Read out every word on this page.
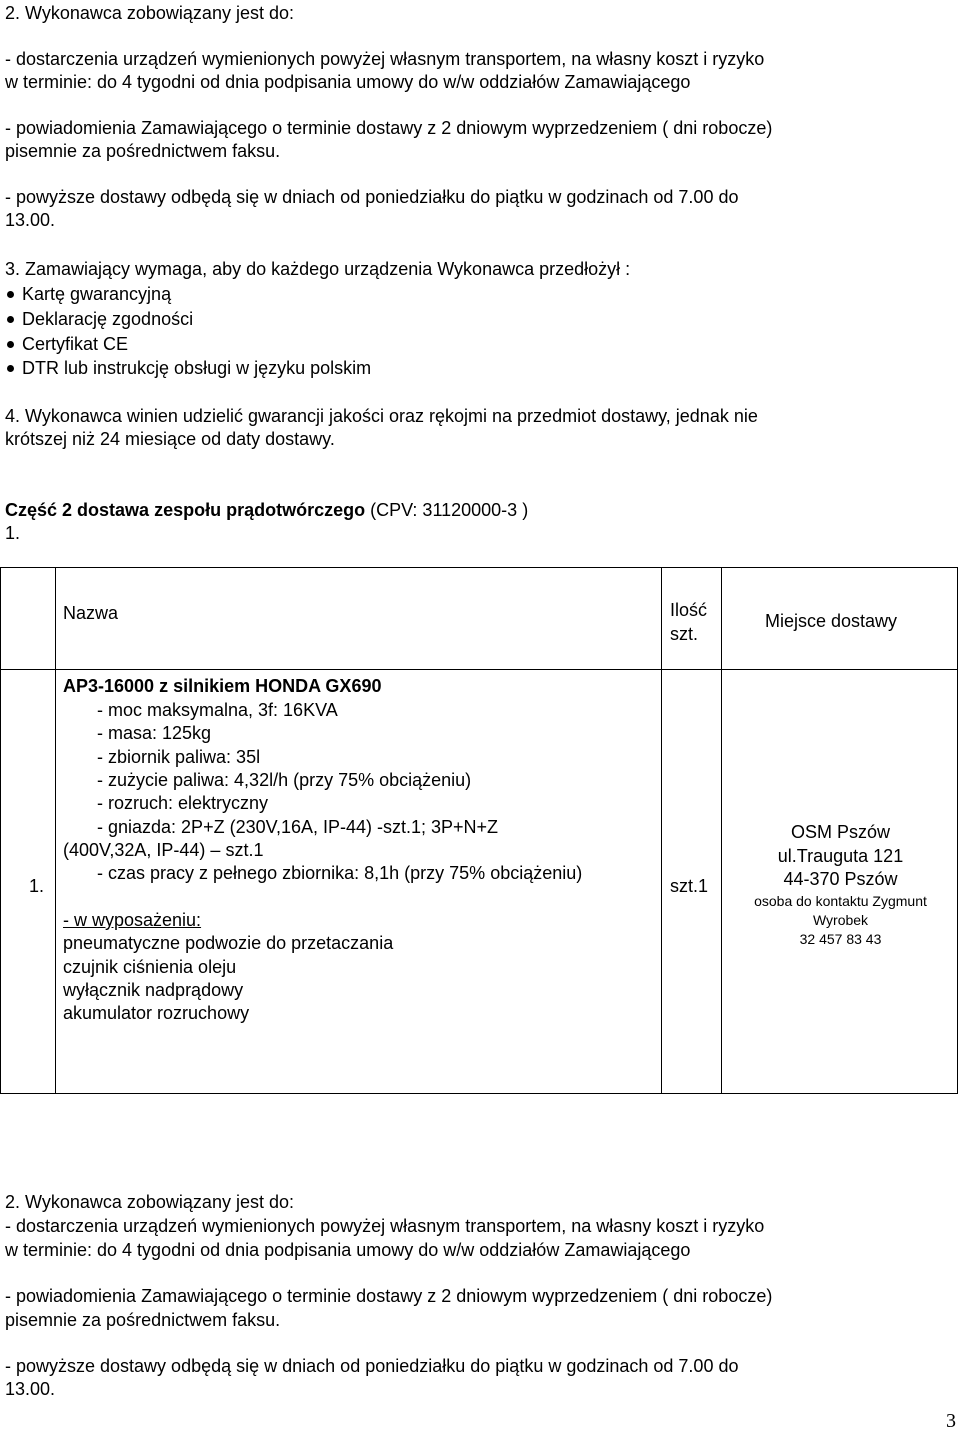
2. Wykonawca zobowiązany jest do:
- dostarczenia urządzeń wymienionych powyżej własnym transportem, na własny koszt i ryzyko
w terminie: do 4 tygodni od dnia podpisania umowy do w/w oddziałów Zamawiającego
- powiadomienia Zamawiającego o terminie dostawy z 2 dniowym wyprzedzeniem ( dni robocze)
pisemnie za pośrednictwem faksu.
- powyższe dostawy odbędą się w dniach od poniedziałku do piątku w godzinach od 7.00 do
13.00.
3. Zamawiający wymaga, aby do każdego urządzenia Wykonawca przedłożył :
Kartę gwarancyjną
Deklarację zgodności
Certyfikat CE
DTR lub instrukcję obsługi w języku polskim
4. Wykonawca winien udzielić gwarancji jakości oraz rękojmi na przedmiot dostawy, jednak nie
krótszej niż 24 miesiące od daty dostawy.
Część 2 dostawa zespołu prądotwórczego (CPV: 31120000-3 )
1.
Nazwa	Ilość
szt.
Miejsce dostawy
1.
AP3-16000 z silnikiem HONDA GX690
- moc maksymalna, 3f: 16KVA
- masa: 125kg
- zbiornik paliwa: 35l
- zużycie paliwa: 4,32l/h (przy 75% obciążeniu)
- rozruch: elektryczny
- gniazda: 2P+Z (230V,16A, IP-44) -szt.1; 3P+N+Z
(400V,32A, IP-44) – szt.1
- czas pracy z pełnego zbiornika: 8,1h (przy 75% obciążeniu)
- w wyposażeniu:
pneumatyczne podwozie do przetaczania
czujnik ciśnienia oleju
wyłącznik nadprądowy
akumulator rozruchowy
szt.1
OSM Pszów
ul.Trauguta 121
44-370 Pszów
osoba do kontaktu Zygmunt
Wyrobek
32 457 83 43
2. Wykonawca zobowiązany jest do:
- dostarczenia urządzeń wymienionych powyżej własnym transportem, na własny koszt i ryzyko
w terminie: do 4 tygodni od dnia podpisania umowy do w/w oddziałów Zamawiającego
- powiadomienia Zamawiającego o terminie dostawy z 2 dniowym wyprzedzeniem ( dni robocze)
pisemnie za pośrednictwem faksu.
- powyższe dostawy odbędą się w dniach od poniedziałku do piątku w godzinach od 7.00 do
13.00.
3
